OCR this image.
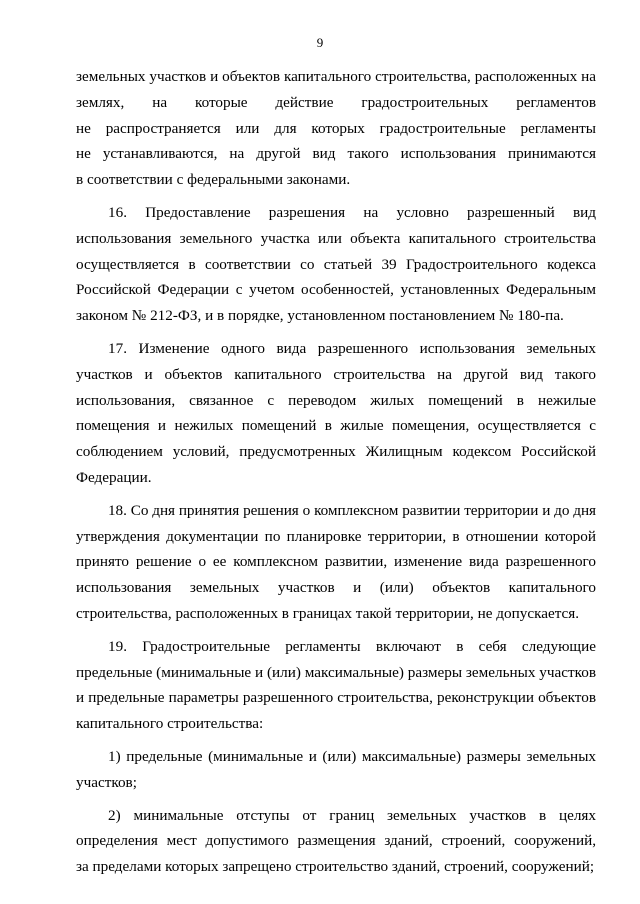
9
земельных участков и объектов капитального строительства, расположенных на
землях, на которые действие градостроительных регламентов
не распространяется или для которых градостроительные регламенты
не устанавливаются, на другой вид такого использования принимаются
в соответствии с федеральными законами.
16. Предоставление разрешения на условно разрешенный вид
использования земельного участка или объекта капитального строительства
осуществляется в соответствии со статьей 39 Градостроительного кодекса
Российской Федерации с учетом особенностей, установленных Федеральным
законом № 212-ФЗ, и в порядке, установленном постановлением № 180-па.
17. Изменение одного вида разрешенного использования земельных
участков и объектов капитального строительства на другой вид такого
использования, связанное с переводом жилых помещений в нежилые
помещения и нежилых помещений в жилые помещения, осуществляется с
соблюдением условий, предусмотренных Жилищным кодексом Российской
Федерации.
18. Со дня принятия решения о комплексном развитии территории и до дня
утверждения документации по планировке территории, в отношении которой
принято решение о ее комплексном развитии, изменение вида разрешенного
использования земельных участков и (или) объектов капитального
строительства, расположенных в границах такой территории, не допускается.
19. Градостроительные регламенты включают в себя следующие
предельные (минимальные и (или) максимальные) размеры земельных участков
и предельные параметры разрешенного строительства, реконструкции объектов
капитального строительства:
1) предельные (минимальные и (или) максимальные) размеры земельных
участков;
2) минимальные отступы от границ земельных участков в целях
определения мест допустимого размещения зданий, строений, сооружений,
за пределами которых запрещено строительство зданий, строений, сооружений;
